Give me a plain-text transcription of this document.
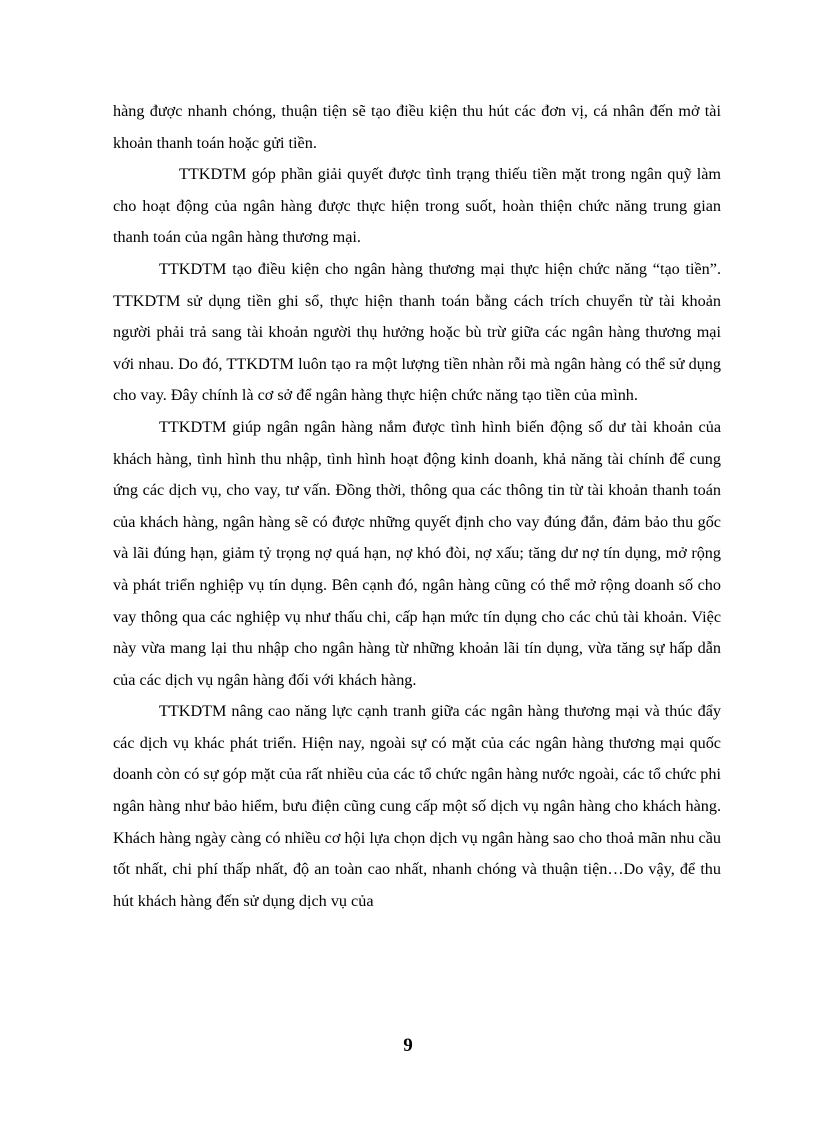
hàng được nhanh chóng, thuận tiện sẽ tạo điều kiện thu hút các đơn vị, cá nhân đến mở tài khoản thanh toán hoặc gửi tiền.

TTKDTM góp phần giải quyết được tình trạng thiếu tiền mặt trong ngân quỹ làm cho hoạt động của ngân hàng được thực hiện trong suốt, hoàn thiện chức năng trung gian thanh toán của ngân hàng thương mại.

TTKDTM tạo điều kiện cho ngân hàng thương mại thực hiện chức năng “tạo tiền”. TTKDTM sử dụng tiền ghi sổ, thực hiện thanh toán bằng cách trích chuyển từ tài khoản người phải trả sang tài khoản người thụ hưởng hoặc bù trừ giữa các ngân hàng thương mại với nhau. Do đó, TTKDTM luôn tạo ra một lượng tiền nhàn rỗi mà ngân hàng có thể sử dụng cho vay. Đây chính là cơ sở để ngân hàng thực hiện chức năng tạo tiền của mình.

TTKDTM giúp ngân ngân hàng nắm được tình hình biến động số dư tài khoản của khách hàng, tình hình thu nhập, tình hình hoạt động kinh doanh, khả năng tài chính để cung ứng các dịch vụ, cho vay, tư vấn. Đồng thời, thông qua các thông tin từ tài khoản thanh toán của khách hàng, ngân hàng sẽ có được những quyết định cho vay đúng đắn, đảm bảo thu gốc và lãi đúng hạn, giảm tỷ trọng nợ quá hạn, nợ khó đòi, nợ xấu; tăng dư nợ tín dụng, mở rộng và phát triển nghiệp vụ tín dụng. Bên cạnh đó, ngân hàng cũng có thể mở rộng doanh số cho vay thông qua các nghiệp vụ như thấu chi, cấp hạn mức tín dụng cho các chủ tài khoản. Việc này vừa mang lại thu nhập cho ngân hàng từ những khoản lãi tín dụng, vừa tăng sự hấp dẫn của các dịch vụ ngân hàng đối với khách hàng.

TTKDTM nâng cao năng lực cạnh tranh giữa các ngân hàng thương mại và thúc đẩy các dịch vụ khác phát triển. Hiện nay, ngoài sự có mặt của các ngân hàng thương mại quốc doanh còn có sự góp mặt của rất nhiều của các tổ chức ngân hàng nước ngoài, các tổ chức phi ngân hàng như bảo hiểm, bưu điện cũng cung cấp một số dịch vụ ngân hàng cho khách hàng. Khách hàng ngày càng có nhiều cơ hội lựa chọn dịch vụ ngân hàng sao cho thoả mãn nhu cầu tốt nhất, chi phí thấp nhất, độ an toàn cao nhất, nhanh chóng và thuận tiện…Do vậy, để thu hút khách hàng đến sử dụng dịch vụ của

9
